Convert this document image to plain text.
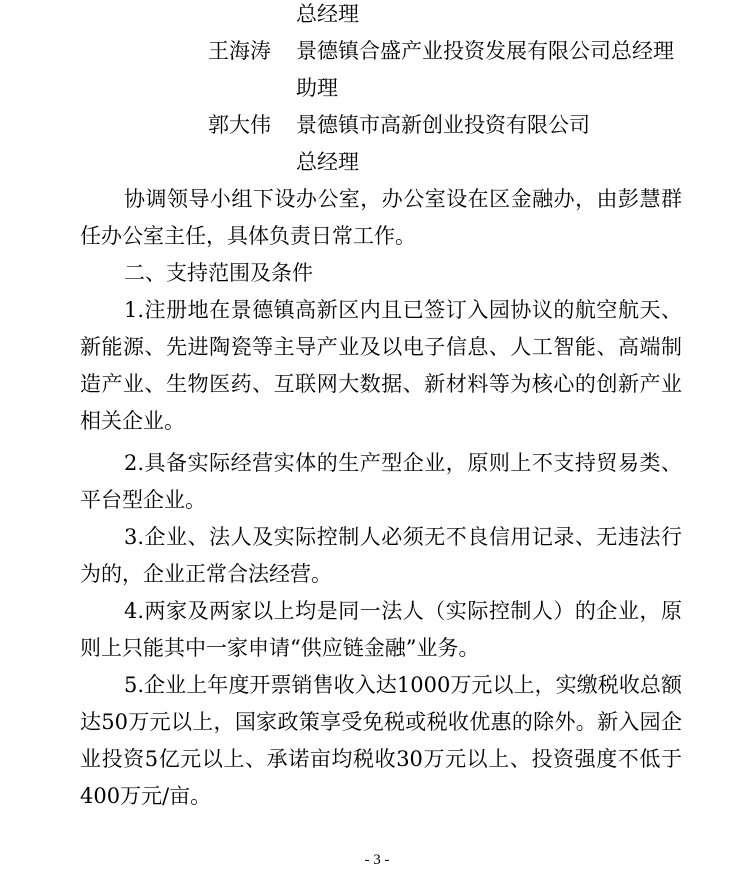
总经理
王海涛 景德镇合盛产业投资发展有限公司总经理
助理
郭大伟 景德镇市高新创业投资有限公司
总经理
协调领导小组下设办公室，办公室设在区金融办，由彭慧群
任办公室主任，具体负责日常工作。
二、支持范围及条件
1.注册地在景德镇高新区内且已签订入园协议的航空航天、
新能源、先进陶瓷等主导产业及以电子信息、人工智能、高端制
造产业、生物医药、互联网大数据、新材料等为核心的创新产业
相关企业。
2.具备实际经营实体的生产型企业，原则上不支持贸易类、
平台型企业。
3.企业、法人及实际控制人必须无不良信用记录、无违法行
为的，企业正常合法经营。
4.两家及两家以上均是同一法人（实际控制人）的企业，原
则上只能其中一家申请“供应链金融”业务。
5.企业上年度开票销售收入达1000万元以上，实缴税收总额
达50万元以上，国家政策享受免税或税收优惠的除外。新入园企
业投资5亿元以上、承诺亩均税收30万元以上、投资强度不低于
400万元/亩。
- 3 -
